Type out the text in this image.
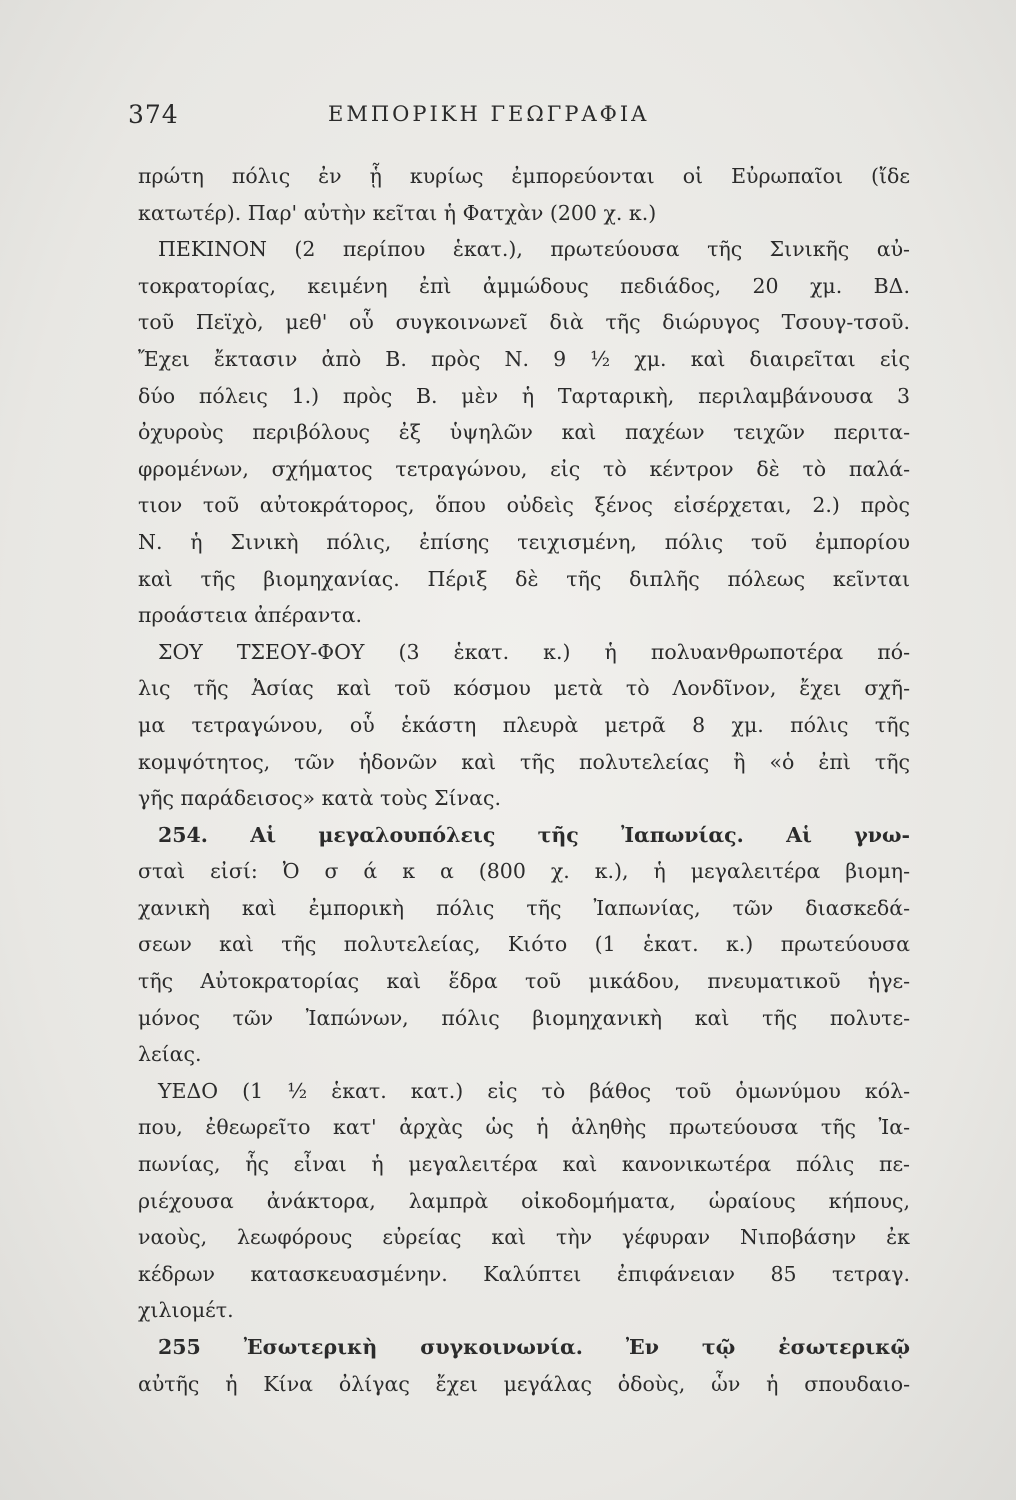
374	ΕΜΠΟΡΙΚΗ ΓΕΩΓΡΑΦΙΑ
πρώτη πόλις ἐν ᾗ κυρίως ἐμπορεύονται οἱ Εὐρωπαῖοι (ἴδε
κατωτέρ). Παρ' αὐτὴν κεῖται ἡ Φατχὰν (200 χ. κ.)
ΠΕΚΙΝΟΝ (2 περίπου ἑκατ.), πρωτεύουσα τῆς Σινικῆς αὐ-
τοκρατορίας, κειμένη ἐπὶ ἀμμώδους πεδιάδος, 20 χμ. ΒΔ.
τοῦ Πεϊχὸ, μεθ' οὗ συγκοινωνεῖ διὰ τῆς διώρυγος Τσουγ-τσοῦ.
Ἔχει ἔκτασιν ἀπὸ Β. πρὸς Ν. 9 ½ χμ. καὶ διαιρεῖται εἰς
δύο πόλεις 1.) πρὸς Β. μὲν ἡ Ταρταρικὴ, περιλαμβάνουσα 3
ὀχυροὺς περιβόλους ἐξ ὑψηλῶν καὶ παχέων τειχῶν περιτα-
φρομένων, σχήματος τετραγώνου, εἰς τὸ κέντρον δὲ τὸ παλά-
τιον τοῦ αὐτοκράτορος, ὅπου οὐδεὶς ξένος εἰσέρχεται, 2.) πρὸς
Ν. ἡ Σινικὴ πόλις, ἐπίσης τειχισμένη, πόλις τοῦ ἐμπορίου
καὶ τῆς βιομηχανίας. Πέριξ δὲ τῆς διπλῆς πόλεως κεῖνται
προάστεια ἀπέραντα.
ΣΟΥ ΤΣΕΟΥ-ΦΟΥ (3 ἑκατ. κ.) ἡ πολυανθρωποτέρα πό-
λις τῆς Ἀσίας καὶ τοῦ κόσμου μετὰ τὸ Λονδῖνον, ἔχει σχῆ-
μα τετραγώνου, οὗ ἑκάστη πλευρὰ μετρᾶ 8 χμ. πόλις τῆς
κομψότητος, τῶν ἡδονῶν καὶ τῆς πολυτελείας ἢ «ὁ ἐπὶ τῆς
γῆς παράδεισος» κατὰ τοὺς Σίνας.
254. Αἱ μεγαλουπόλεις τῆς Ἰαπωνίας. Αἱ γνω-
σταὶ εἰσί: Ὀ σ ά κ α (800 χ. κ.), ἡ μεγαλειτέρα βιομη-
χανικὴ καὶ ἐμπορικὴ πόλις τῆς Ἰαπωνίας, τῶν διασκεδά-
σεων καὶ τῆς πολυτελείας, Κιότο (1 ἑκατ. κ.) πρωτεύουσα
τῆς Αὐτοκρατορίας καὶ ἕδρα τοῦ μικάδου, πνευματικοῦ ἡγε-
μόνος τῶν Ἰαπώνων, πόλις βιομηχανικὴ καὶ τῆς πολυτε-
λείας.
ΥΕΔΟ (1 ½ ἑκατ. κατ.) εἰς τὸ βάθος τοῦ ὁμωνύμου κόλ-
που, ἐθεωρεῖτο κατ' ἀρχὰς ὡς ἡ ἀληθὴς πρωτεύουσα τῆς Ἰα-
πωνίας, ἧς εἶναι ἡ μεγαλειτέρα καὶ κανονικωτέρα πόλις πε-
ριέχουσα ἀνάκτορα, λαμπρὰ οἰκοδομήματα, ὡραίους κήπους,
ναοὺς, λεωφόρους εὐρείας καὶ τὴν γέφυραν Νιποβάσην ἐκ
κέδρων κατασκευασμένην. Καλύπτει ἐπιφάνειαν 85 τετραγ.
χιλιομέτ.
255 Ἐσωτερικὴ συγκοινωνία. Ἐν τῷ ἐσωτερικῷ
αὐτῆς ἡ Κίνα ὀλίγας ἔχει μεγάλας ὁδοὺς, ὧν ἡ σπουδαιο-
